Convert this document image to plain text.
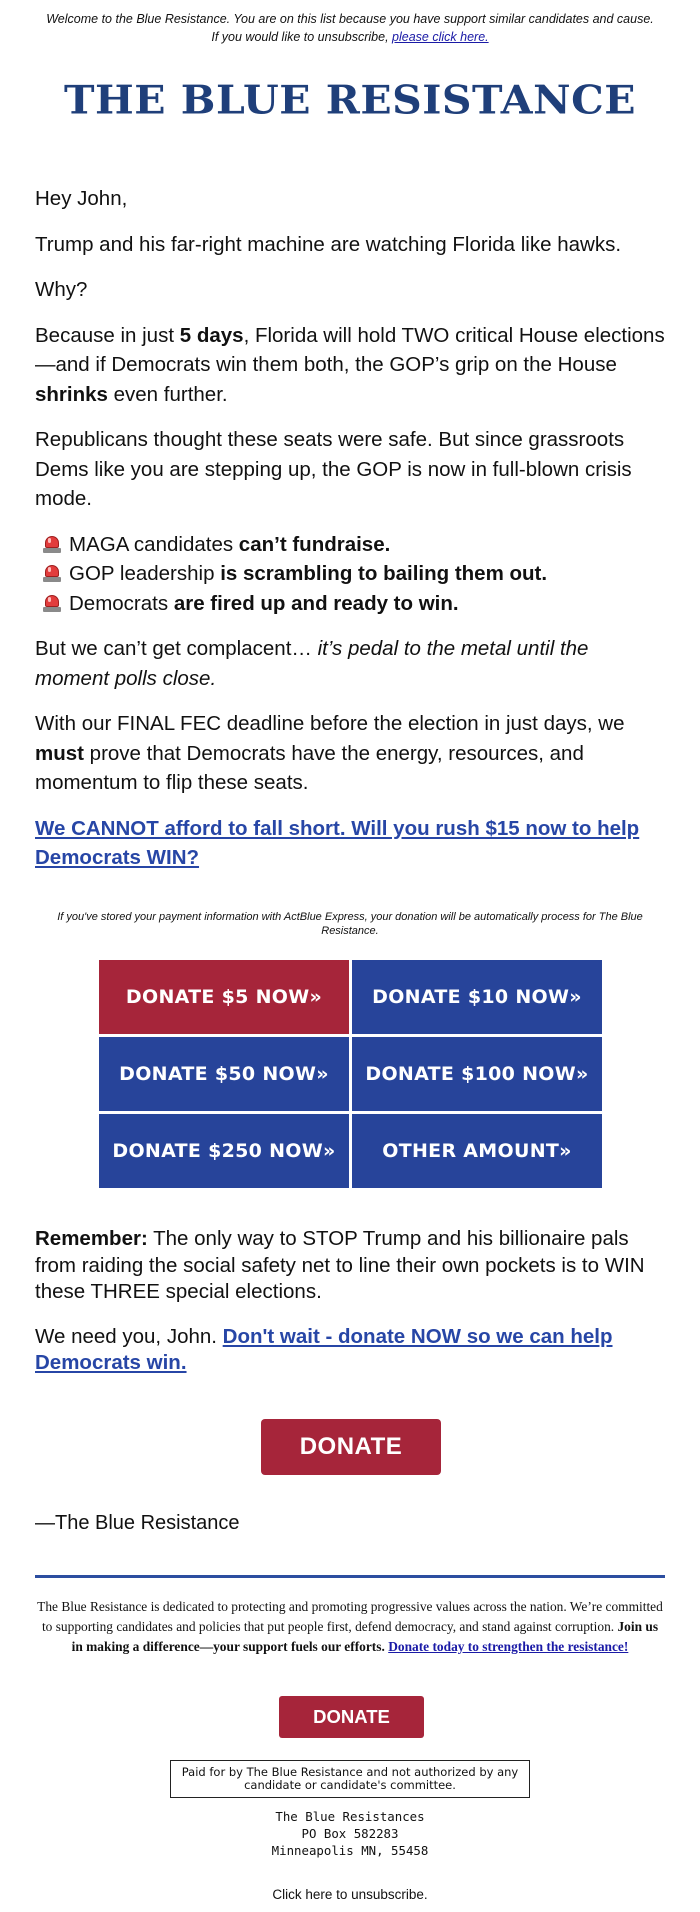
Welcome to the Blue Resistance. You are on this list because you have support similar candidates and cause. If you would like to unsubscribe, please click here.
THE BLUE RESISTANCE

Hey John,

Trump and his far-right machine are watching Florida like hawks.

Why?

Because in just 5 days, Florida will hold TWO critical House elections—and if Democrats win them both, the GOP’s grip on the House shrinks even further.

Republicans thought these seats were safe. But since grassroots Dems like you are stepping up, the GOP is now in full-blown crisis mode.

MAGA candidates can’t fundraise.

GOP leadership is scrambling to bailing them out.

Democrats are fired up and ready to win.

But we can’t get complacent… it’s pedal to the metal until the moment polls close.

With our FINAL FEC deadline before the election in just days, we must prove that Democrats have the energy, resources, and momentum to flip these seats.

We CANNOT afford to fall short. Will you rush $15 now to help Democrats WIN?

If you've stored your payment information with ActBlue Express, your donation will be automatically process for The Blue Resistance.
DONATE $5 NOW»	DONATE $10 NOW»
DONATE $50 NOW»	DONATE $100 NOW»
DONATE $250 NOW»	OTHER AMOUNT»

Remember: The only way to STOP Trump and his billionaire pals from raiding the social safety net to line their own pockets is to WIN these THREE special elections.

We need you, John. Don't wait - donate NOW so we can help Democrats win.

DONATE
—The Blue Resistance
The Blue Resistance is dedicated to protecting and promoting progressive values across the nation. We’re committed to supporting candidates and policies that put people first, defend democracy, and stand against corruption. Join us in making a difference—your support fuels our efforts. Donate today to strengthen the resistance!
DONATE
Paid for by The Blue Resistance and not authorized by any candidate or candidate's committee.
The Blue Resistances
PO Box 582283
Minneapolis MN, 55458
Click here to unsubscribe.
